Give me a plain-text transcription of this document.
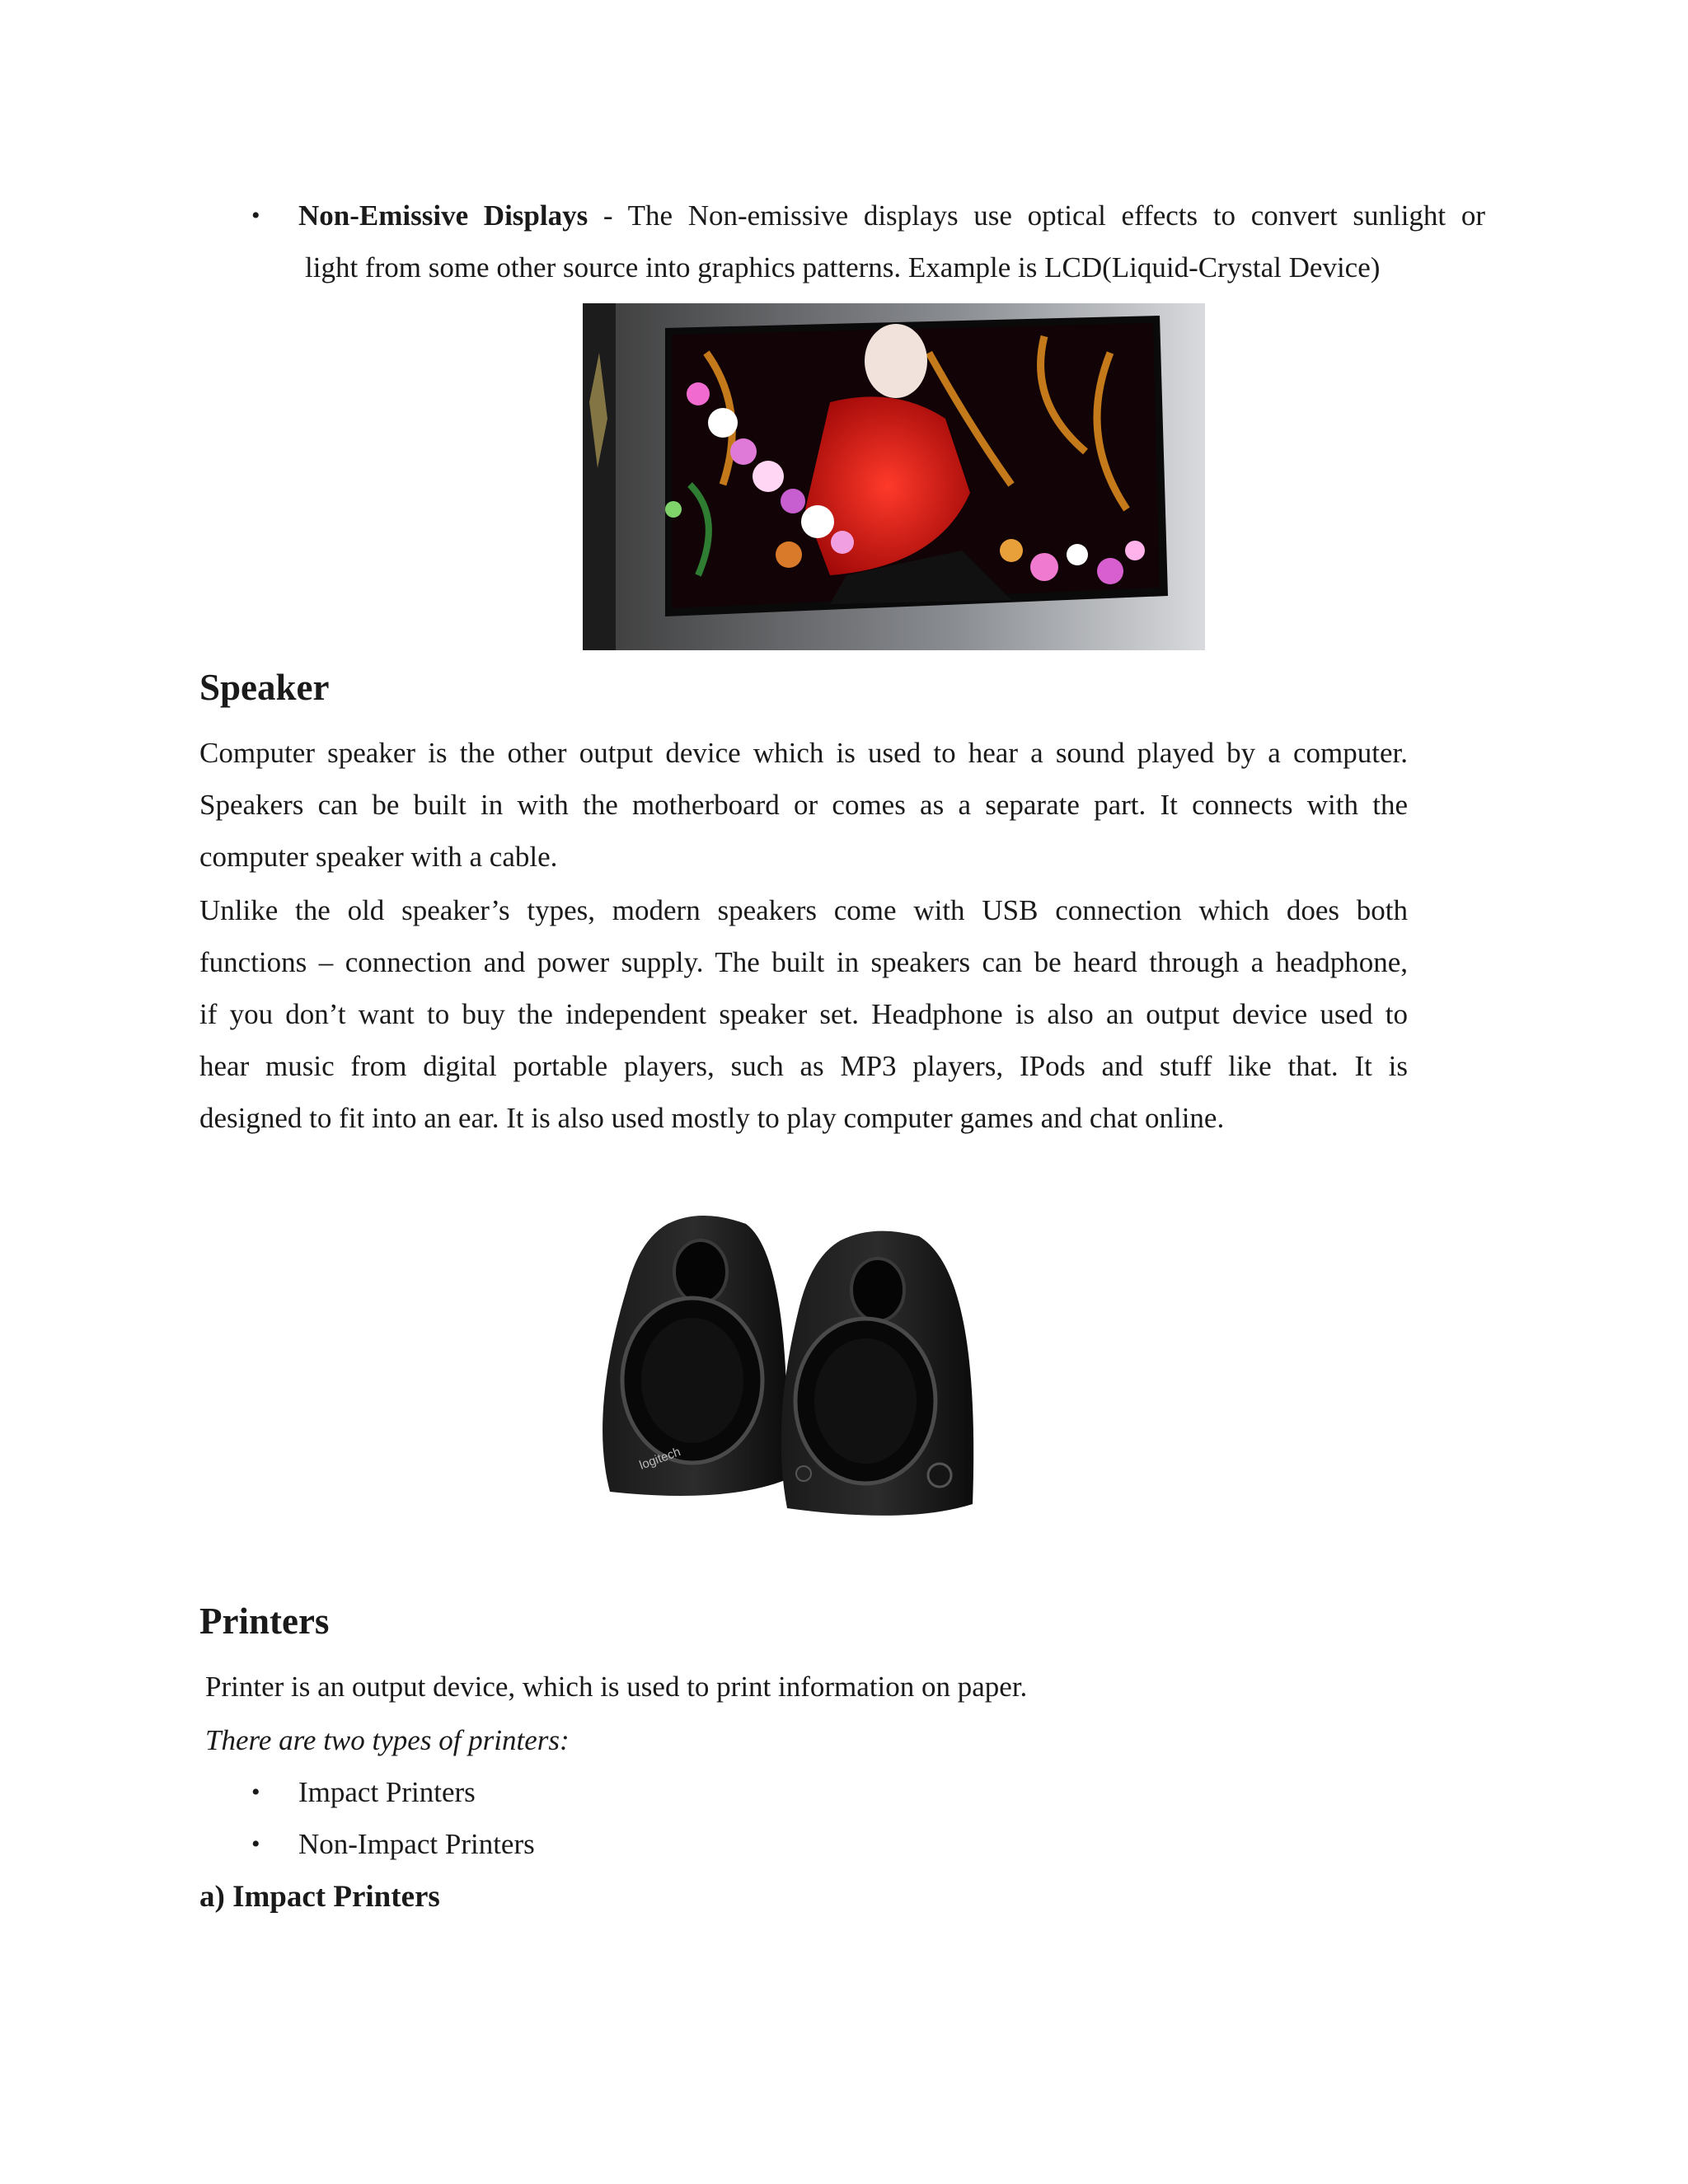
• Non-Emissive Displays - The Non-emissive displays use optical effects to convert sunlight or
light from some other source into graphics patterns. Example is LCD(Liquid-Crystal Device)
Speaker
Computer speaker is the other output device which is used to hear a sound played by a computer.
Speakers can be built in with the motherboard or comes as a separate part. It connects with the
computer speaker with a cable.
Unlike the old speaker’s types, modern speakers come with USB connection which does both
functions – connection and power supply. The built in speakers can be heard through a headphone,
if you don’t want to buy the independent speaker set. Headphone is also an output device used to
hear music from digital portable players, such as MP3 players, IPods and stuff like that. It is
designed to fit into an ear. It is also used mostly to play computer games and chat online.
logitech
Printers
Printer is an output device, which is used to print information on paper.
There are two types of printers:
• Impact Printers
• Non-Impact Printers
a) Impact Printers
